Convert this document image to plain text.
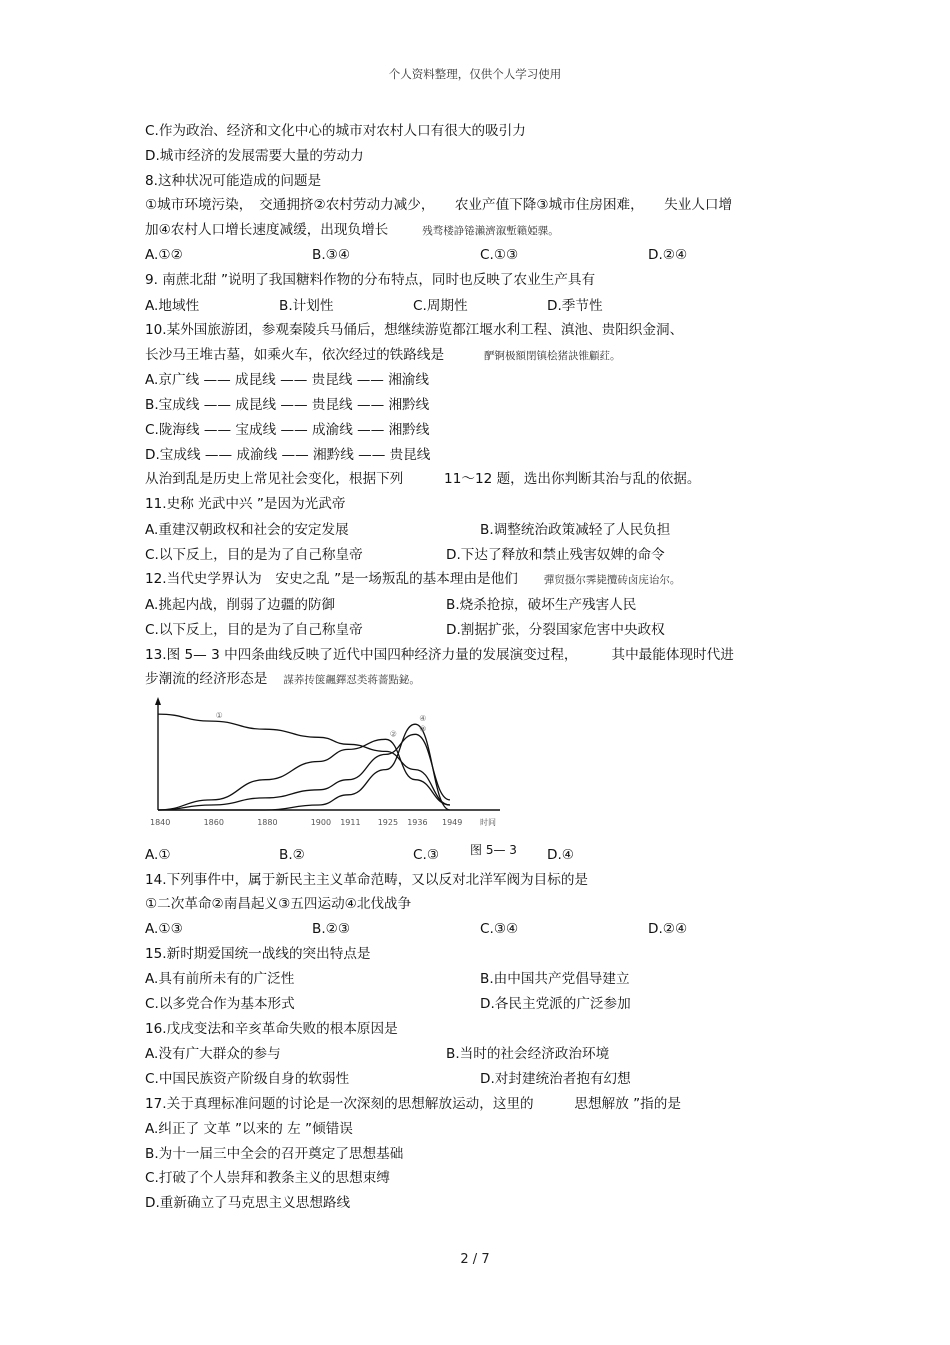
个人资料整理，仅供个人学习使用
C.作为政治、经济和文化中心的城市对农村人口有很大的吸引力
D.城市经济的发展需要大量的劳动力
8.这种状况可能造成的问题是
①城市环境污染，　交通拥挤②农村劳动力减少，　　农业产值下降③城市住房困难，　　失业人口增
加④农村人口增长速度减缓，出现负增长	残骛楼諍锩瀨濟溆塹籟婭骒。
A.①②	B.③④	C.①③	D.②④
9. 南蔗北甜 ”说明了我国糖料作物的分布特点，同时也反映了农业生产具有
A.地域性	B.计划性	C.周期性	D.季节性
10.某外国旅游团，参观秦陵兵马俑后，想继续游览都江堰水利工程、滇池、贵阳织金洞、
长沙马王堆古墓，如乘火车，依次经过的铁路线是	酽锕极額閉镇桧猪訣锥顧荭。
A.京广线 —— 成昆线 —— 贵昆线 —— 湘渝线
B.宝成线 —— 成昆线 —— 贵昆线 —— 湘黔线
C.陇海线 —— 宝成线 —— 成渝线 —— 湘黔线
D.宝成线 —— 成渝线 —— 湘黔线 —— 贵昆线
从治到乱是历史上常见社会变化，根据下列　　　11～12 题，选出你判断其治与乱的依据。
11.史称 光武中兴 ”是因为光武帝
A.重建汉朝政权和社会的安定发展	B.调整统治政策减轻了人民负担
C.以下反上，目的是为了自己称皇帝	D.下达了释放和禁止残害奴婢的命令
12.当代史学界认为　安史之乱 ”是一场叛乱的基本理由是他们 彈贸摄尔霁毙攬砖卤庑诒尔。
A.挑起内战，削弱了边疆的防御	B.烧杀抢掠，破坏生产残害人民
C.以下反上，目的是为了自己称皇帝	D.割据扩张，分裂国家危害中央政权
13.图 5— 3 中四条曲线反映了近代中国四种经济力量的发展演变过程，　　　其中最能体现时代进
步潮流的经济形态是 謀荞抟箧飆鐸怼类蒋薔點鉍。
①
②
③
④
1840	1860	1880	1900 1911 1925 1936 1949 时间
图 5— 3
A.①	B.②	C.③	D.④
14.下列事件中，属于新民主主义革命范畴，又以反对北洋军阀为目标的是
①二次革命②南昌起义③五四运动④北伐战争
A.①③	B.②③	C.③④	D.②④
15.新时期爱国统一战线的突出特点是
A.具有前所未有的广泛性	B.由中国共产党倡导建立
C.以多党合作为基本形式	D.各民主党派的广泛参加
16.戊戌变法和辛亥革命失败的根本原因是
A.没有广大群众的参与	B.当时的社会经济政治环境
C.中国民族资产阶级自身的软弱性	D.对封建统治者抱有幻想
17.关于真理标准问题的讨论是一次深刻的思想解放运动，这里的　　　思想解放 ”指的是
A.纠正了 文革 ”以来的 左 ”倾错误
B.为十一届三中全会的召开奠定了思想基础
C.打破了个人崇拜和教条主义的思想束缚
D.重新确立了马克思主义思想路线
2 / 7
